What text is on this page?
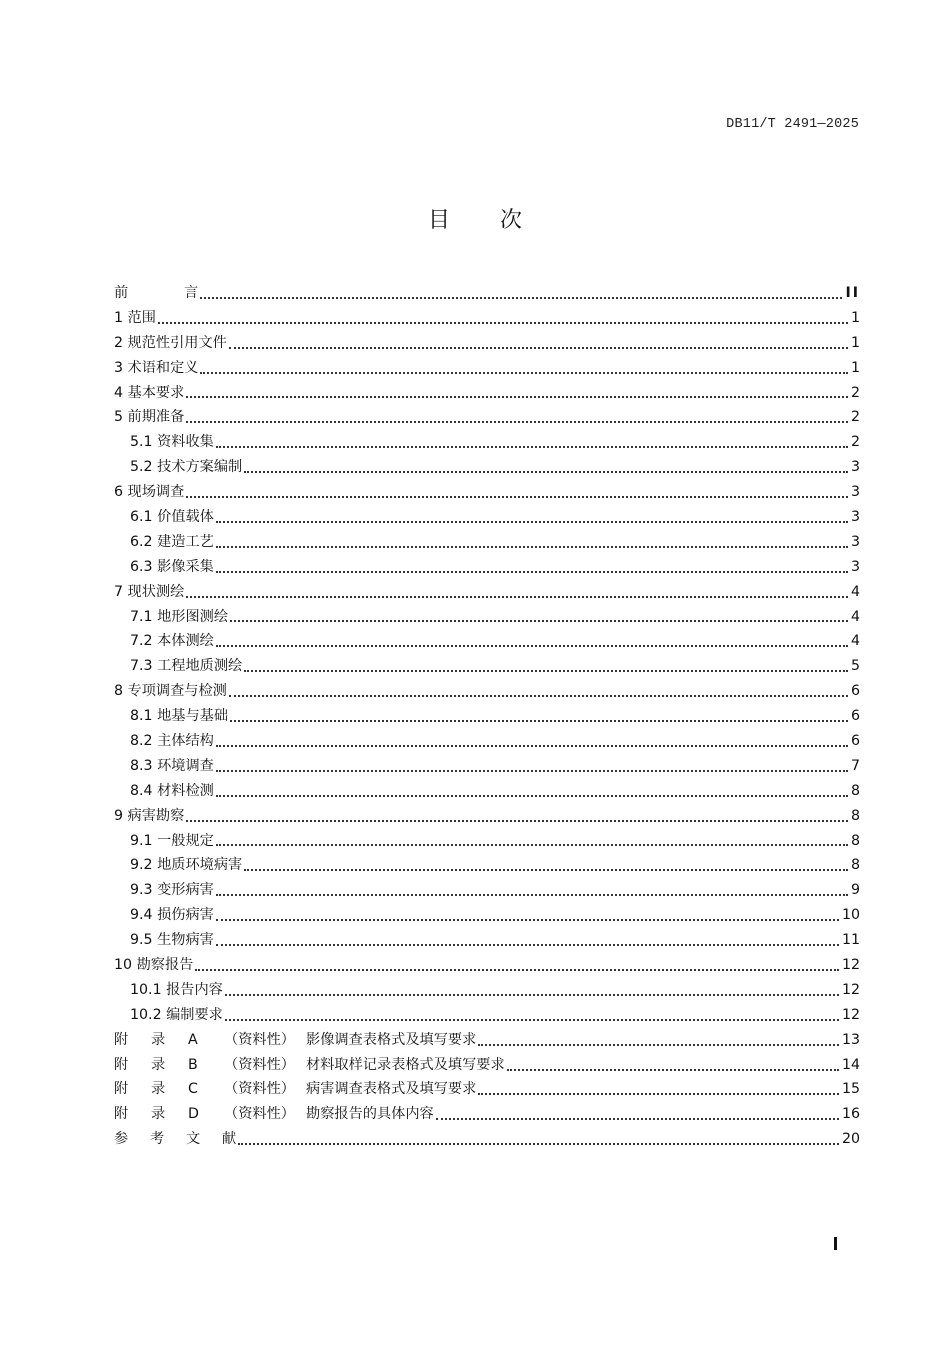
DB11/T 2491—2025
目 次
前	言	II
1 范围	1
2 规范性引用文件	1
3 术语和定义	1
4 基本要求	2
5 前期准备	2
5.1 资料收集	2
5.2 技术方案编制	3
6 现场调查	3
6.1 价值载体	3
6.2 建造工艺	3
6.3 影像采集	3
7 现状测绘	4
7.1 地形图测绘	4
7.2 本体测绘	4
7.3 工程地质测绘	5
8 专项调查与检测	6
8.1 地基与基础	6
8.2 主体结构	6
8.3 环境调查	7
8.4 材料检测	8
9 病害勘察	8
9.1 一般规定	8
9.2 地质环境病害	8
9.3 变形病害	9
9.4 损伤病害	10
9.5 生物病害	11
10 勘察报告	12
10.1 报告内容	12
10.2 编制要求	12
附 录 A （资料性） 影像调查表格式及填写要求	13
附 录 B （资料性） 材料取样记录表格式及填写要求	14
附 录 C （资料性） 病害调查表格式及填写要求	15
附 录 D （资料性） 勘察报告的具体内容	16
参 考 文 献	20
